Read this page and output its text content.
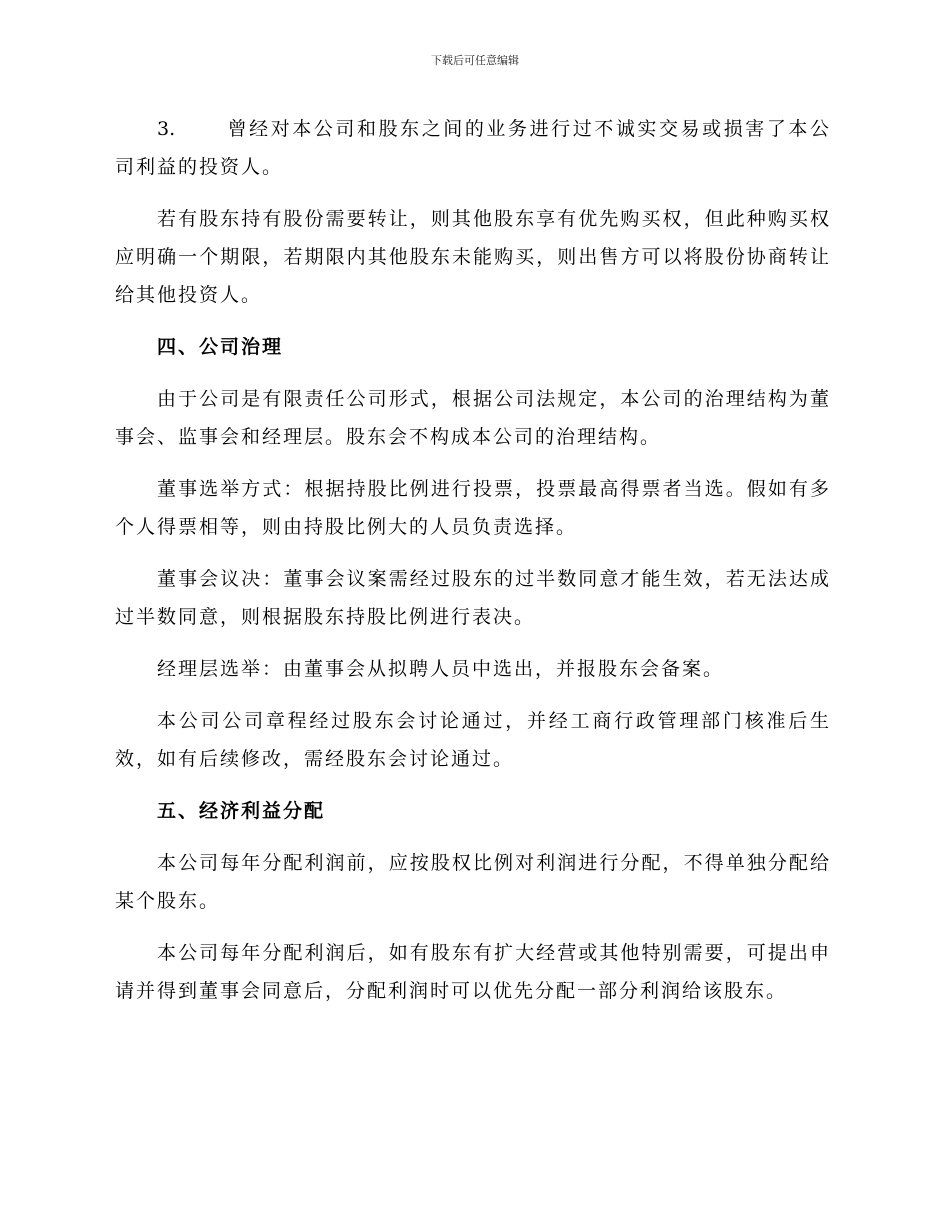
下载后可任意编辑

3.	曾经对本公司和股东之间的业务进行过不诚实交易或损害了本公司利益的投资人。

若有股东持有股份需要转让，则其他股东享有优先购买权，但此种购买权应明确一个期限，若期限内其他股东未能购买，则出售方可以将股份协商转让给其他投资人。

四、公司治理

由于公司是有限责任公司形式，根据公司法规定，本公司的治理结构为董事会、监事会和经理层。股东会不构成本公司的治理结构。

董事选举方式：根据持股比例进行投票，投票最高得票者当选。假如有多个人得票相等，则由持股比例大的人员负责选择。

董事会议决：董事会议案需经过股东的过半数同意才能生效，若无法达成过半数同意，则根据股东持股比例进行表决。

经理层选举：由董事会从拟聘人员中选出，并报股东会备案。

本公司公司章程经过股东会讨论通过，并经工商行政管理部门核准后生效，如有后续修改，需经股东会讨论通过。

五、经济利益分配

本公司每年分配利润前，应按股权比例对利润进行分配，不得单独分配给某个股东。

本公司每年分配利润后，如有股东有扩大经营或其他特别需要，可提出申请并得到董事会同意后，分配利润时可以优先分配一部分利润给该股东。
